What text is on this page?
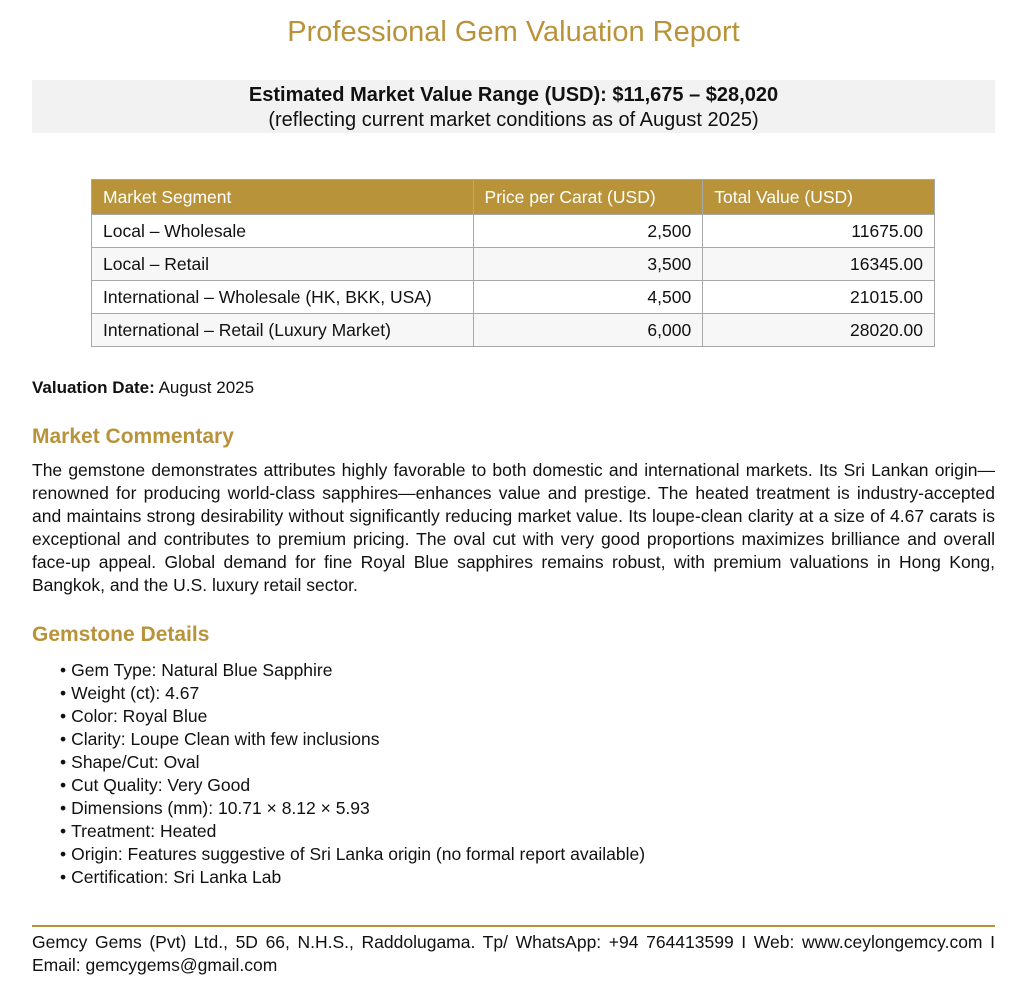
Professional Gem Valuation Report
Estimated Market Value Range (USD): $11,675 – $28,020
(reflecting current market conditions as of August 2025)
Market Segment	Price per Carat (USD)	Total Value (USD)
Local – Wholesale	2,500	11675.00
Local – Retail	3,500	16345.00
International – Wholesale (HK, BKK, USA)	4,500	21015.00
International – Retail (Luxury Market)	6,000	28020.00
Valuation Date: August 2025
Market Commentary

The gemstone demonstrates attributes highly favorable to both domestic and international markets. Its Sri Lankan origin—renowned for producing world-class sapphires—enhances value and prestige. The heated treatment is industry-accepted and maintains strong desirability without significantly reducing market value. Its loupe-clean clarity at a size of 4.67 carats is exceptional and contributes to premium pricing. The oval cut with very good proportions maximizes brilliance and overall face-up appeal. Global demand for fine Royal Blue sapphires remains robust, with premium valuations in Hong Kong, Bangkok, and the U.S. luxury retail sector.

Gemstone Details
• Gem Type: Natural Blue Sapphire
• Weight (ct): 4.67
• Color: Royal Blue
• Clarity: Loupe Clean with few inclusions
• Shape/Cut: Oval
• Cut Quality: Very Good
• Dimensions (mm): 10.71 × 8.12 × 5.93
• Treatment: Heated
• Origin: Features suggestive of Sri Lanka origin (no formal report available)
• Certification: Sri Lanka Lab
Gemcy Gems (Pvt) Ltd., 5D 66, N.H.S., Raddolugama. Tp/ WhatsApp: +94 764413599 I Web: www.ceylongemcy.com I Email: gemcygems@gmail.com
